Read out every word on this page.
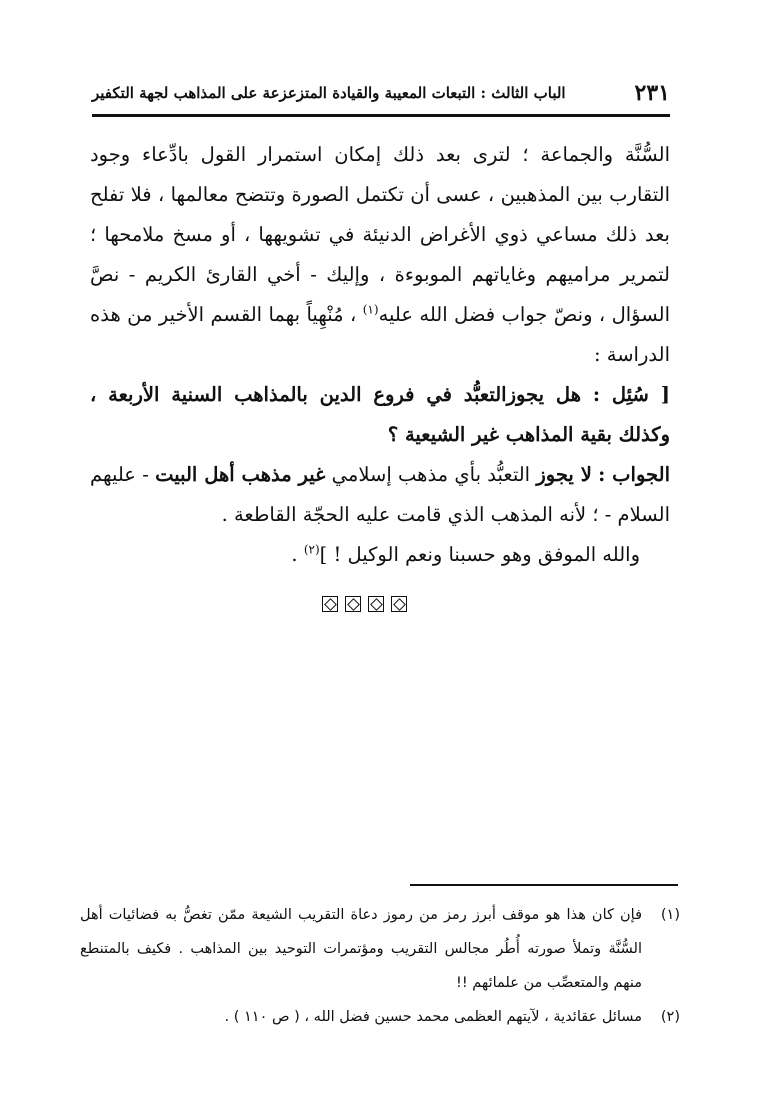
٢٣١
الباب الثالث : التبعات المعيبة والقيادة المتزعزعة على المذاهب لجهة التكفير

السُّنَّة والجماعة ؛ لترى بعد ذلك إمكان استمرار القول بادِّعاء وجود التقارب بين المذهبين ، عسى أن تكتمل الصورة وتتضح معالمها ، فلا تفلح بعد ذلك مساعي ذوي الأغراض الدنيئة في تشويهها ، أو مسخ ملامحها ؛ لتمرير مراميهم وغاياتهم الموبوءة ، وإليك - أخي القارئ الكريم - نصَّ السؤال ، ونصّ جواب فضل الله عليه$^{(١)}$ ، مُنْهِياً بهما القسم الأخير من هذه الدراسة :

[ سُئِل : هل يجوزالتعبُّد في فروع الدين بالمذاهب السنية الأربعة ، وكذلك بقية المذاهب غير الشيعية ؟

الجواب : لا يجوز التعبُّد بأي مذهب إسلامي غير مذهب أهل البيت - عليهم السلام - ؛ لأنه المذهب الذي قامت عليه الحجّة القاطعة .

والله الموفق وهو حسبنا ونعم الوكيل ! ]$^{(٢)}$ .

(١)
فإن كان هذا هو موقف أبرز رمز من رموز دعاة التقريب الشيعة ممّن تغصُّ به فضائيات أهل السُّنَّة وتملأ صورته أُطُر مجالس التقريب ومؤتمرات التوحيد بين المذاهب . فكيف بالمتنطع منهم والمتعصِّب من علمائهم !!
(٢)
مسائل عقائدية ، لآيتهم العظمى محمد حسين فضل الله ، ( ص ١١٠ ) .
